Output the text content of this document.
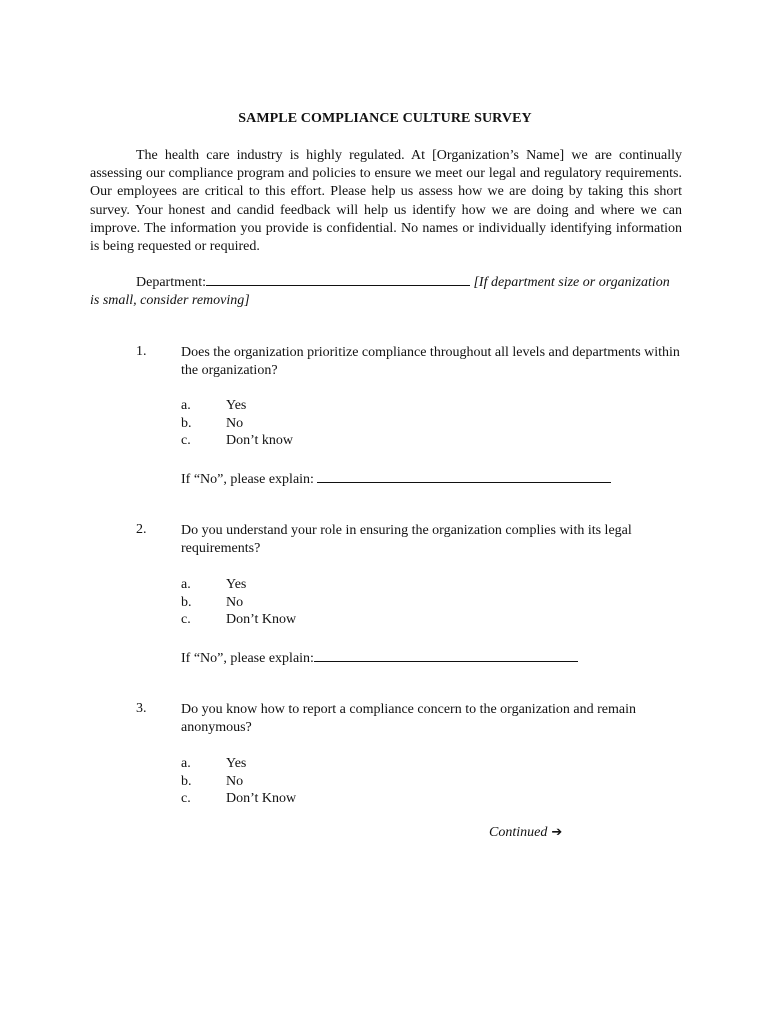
SAMPLE COMPLIANCE CULTURE SURVEY

The health care industry is highly regulated. At [Organization’s Name] we are continually assessing our compliance program and policies to ensure we meet our legal and regulatory requirements. Our employees are critical to this effort. Please help us assess how we are doing by taking this short survey. Your honest and candid feedback will help us identify how we are doing and where we can improve. The information you provide is confidential. No names or individually identifying information is being requested or required.

Department:	[If department size or organization is small, consider removing]

1. Does the organization prioritize compliance throughout all levels and departments within the organization?
a.	Yes
b. No
c.	Don’t know
If “No”, please explain:
2. Do you understand your role in ensuring the organization complies with its legal requirements?
a.	Yes
b. No
c.	Don’t Know
If “No”, please explain:
3. Do you know how to report a compliance concern to the organization and remain anonymous?
a.	Yes
b. No
c.	Don’t Know
Continued ➔
